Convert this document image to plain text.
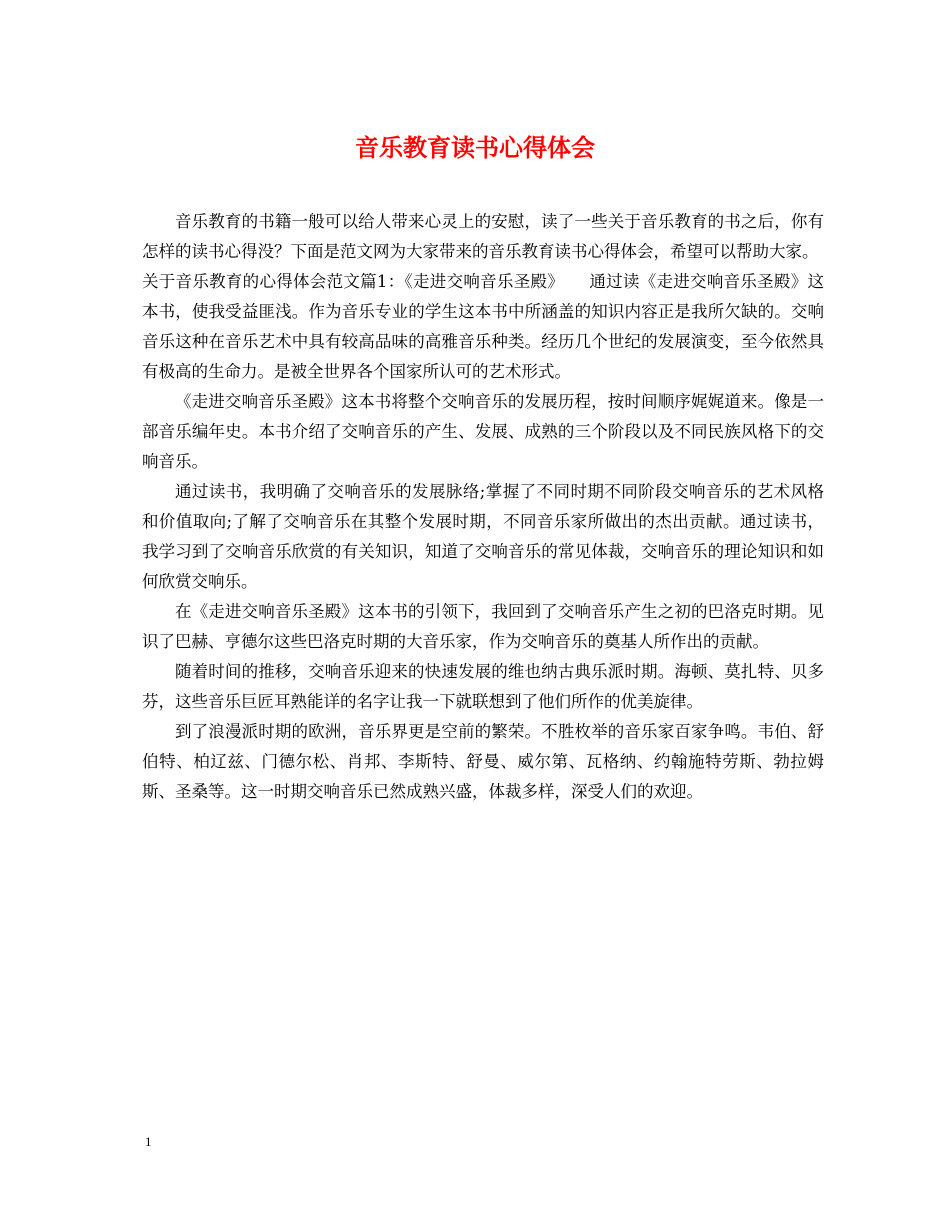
音乐教育读书心得体会

音乐教育的书籍一般可以给人带来心灵上的安慰，读了一些关于音乐教育的书之后，你有怎样的读书心得没？下面是范文网为大家带来的音乐教育读书心得体会，希望可以帮助大家。

关于音乐教育的心得体会范文篇1：《走进交响音乐圣殿》　　通过读《走进交响音乐圣殿》这本书，使我受益匪浅。作为音乐专业的学生这本书中所涵盖的知识内容正是我所欠缺的。交响音乐这种在音乐艺术中具有较高品味的高雅音乐种类。经历几个世纪的发展演变，至今依然具有极高的生命力。是被全世界各个国家所认可的艺术形式。

《走进交响音乐圣殿》这本书将整个交响音乐的发展历程，按时间顺序娓娓道来。像是一部音乐编年史。本书介绍了交响音乐的产生、发展、成熟的三个阶段以及不同民族风格下的交响音乐。

通过读书，我明确了交响音乐的发展脉络;掌握了不同时期不同阶段交响音乐的艺术风格和价值取向;了解了交响音乐在其整个发展时期，不同音乐家所做出的杰出贡献。通过读书，我学习到了交响音乐欣赏的有关知识，知道了交响音乐的常见体裁，交响音乐的理论知识和如何欣赏交响乐。

在《走进交响音乐圣殿》这本书的引领下，我回到了交响音乐产生之初的巴洛克时期。见识了巴赫、亨德尔这些巴洛克时期的大音乐家，作为交响音乐的奠基人所作出的贡献。

随着时间的推移，交响音乐迎来的快速发展的维也纳古典乐派时期。海顿、莫扎特、贝多芬，这些音乐巨匠耳熟能详的名字让我一下就联想到了他们所作的优美旋律。

到了浪漫派时期的欧洲，音乐界更是空前的繁荣。不胜枚举的音乐家百家争鸣。韦伯、舒伯特、柏辽兹、门德尔松、肖邦、李斯特、舒曼、威尔第、瓦格纳、约翰施特劳斯、勃拉姆斯、圣桑等。这一时期交响音乐已然成熟兴盛，体裁多样，深受人们的欢迎。

1
